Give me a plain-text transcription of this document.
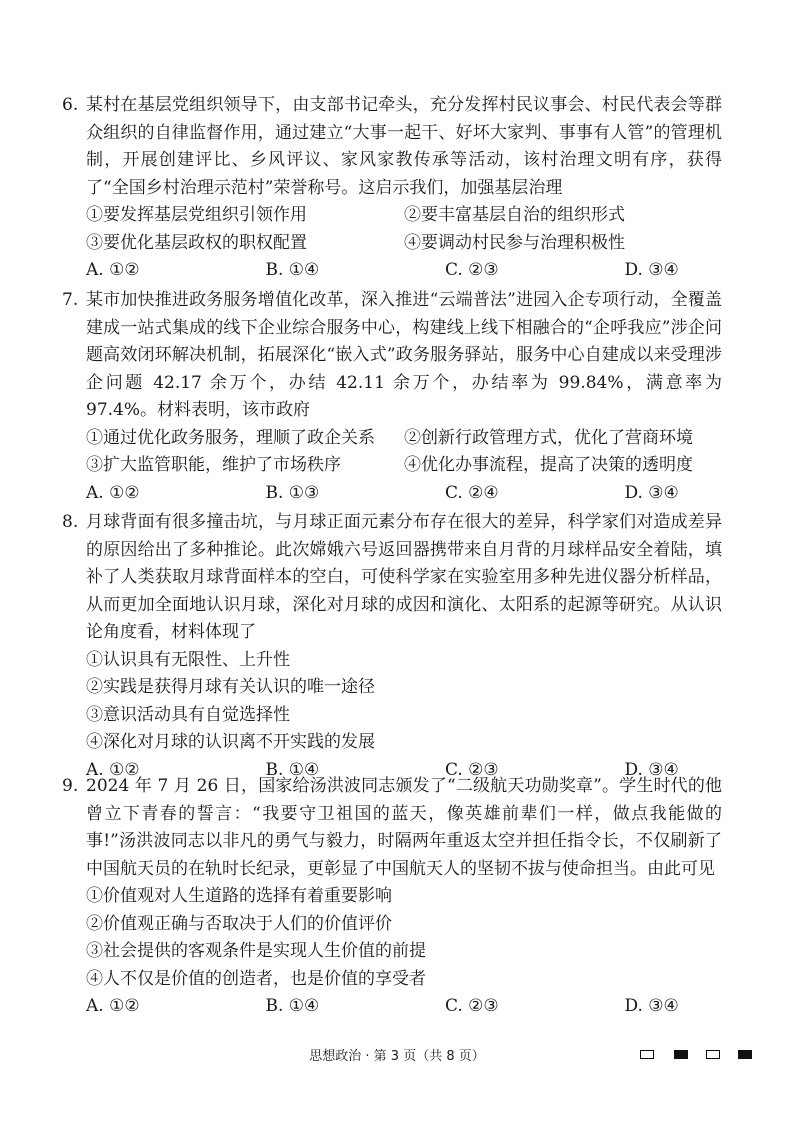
6. 某村在基层党组织领导下，由支部书记牵头，充分发挥村民议事会、村民代表会等群众组织的自律监督作用，通过建立“大事一起干、好坏大家判、事事有人管”的管理机制，开展创建评比、乡风评议、家风家教传承等活动，该村治理文明有序，获得了“全国乡村治理示范村”荣誉称号。这启示我们，加强基层治理

①要发挥基层党组织引领作用	②要丰富基层自治的组织形式
③要优化基层政权的职权配置	④要调动村民参与治理积极性
A. ①②	B. ①④	C. ②③	D. ③④

7. 某市加快推进政务服务增值化改革，深入推进“云端普法”进园入企专项行动，全覆盖建成一站式集成的线下企业综合服务中心，构建线上线下相融合的“企呼我应”涉企问题高效闭环解决机制，拓展深化“嵌入式”政务服务驿站，服务中心自建成以来受理涉企问题 42.17 余万个，办结 42.11 余万个，办结率为 99.84%，满意率为 97.4%。材料表明，该市政府

①通过优化政务服务，理顺了政企关系	②创新行政管理方式，优化了营商环境
③扩大监管职能，维护了市场秩序	④优化办事流程，提高了决策的透明度
A. ①②	B. ①③	C. ②④	D. ③④

8. 月球背面有很多撞击坑，与月球正面元素分布存在很大的差异，科学家们对造成差异的原因给出了多种推论。此次嫦娥六号返回器携带来自月背的月球样品安全着陆，填补了人类获取月球背面样本的空白，可使科学家在实验室用多种先进仪器分析样品，从而更加全面地认识月球，深化对月球的成因和演化、太阳系的起源等研究。从认识论角度看，材料体现了

①认识具有无限性、上升性
②实践是获得月球有关认识的唯一途径
③意识活动具有自觉选择性
④深化对月球的认识离不开实践的发展
A. ①②	B. ①④	C. ②③	D. ③④

9. 2024 年 7 月 26 日，国家给汤洪波同志颁发了“二级航天功勋奖章”。学生时代的他曾立下青春的誓言：“我要守卫祖国的蓝天，像英雄前辈们一样，做点我能做的事!”汤洪波同志以非凡的勇气与毅力，时隔两年重返太空并担任指令长，不仅刷新了中国航天员的在轨时长纪录，更彰显了中国航天人的坚韧不拔与使命担当。由此可见

①价值观对人生道路的选择有着重要影响
②价值观正确与否取决于人们的价值评价
③社会提供的客观条件是实现人生价值的前提
④人不仅是价值的创造者，也是价值的享受者
A. ①②	B. ①④	C. ②③	D. ③④
思想政治 · 第 3 页（共 8 页）
